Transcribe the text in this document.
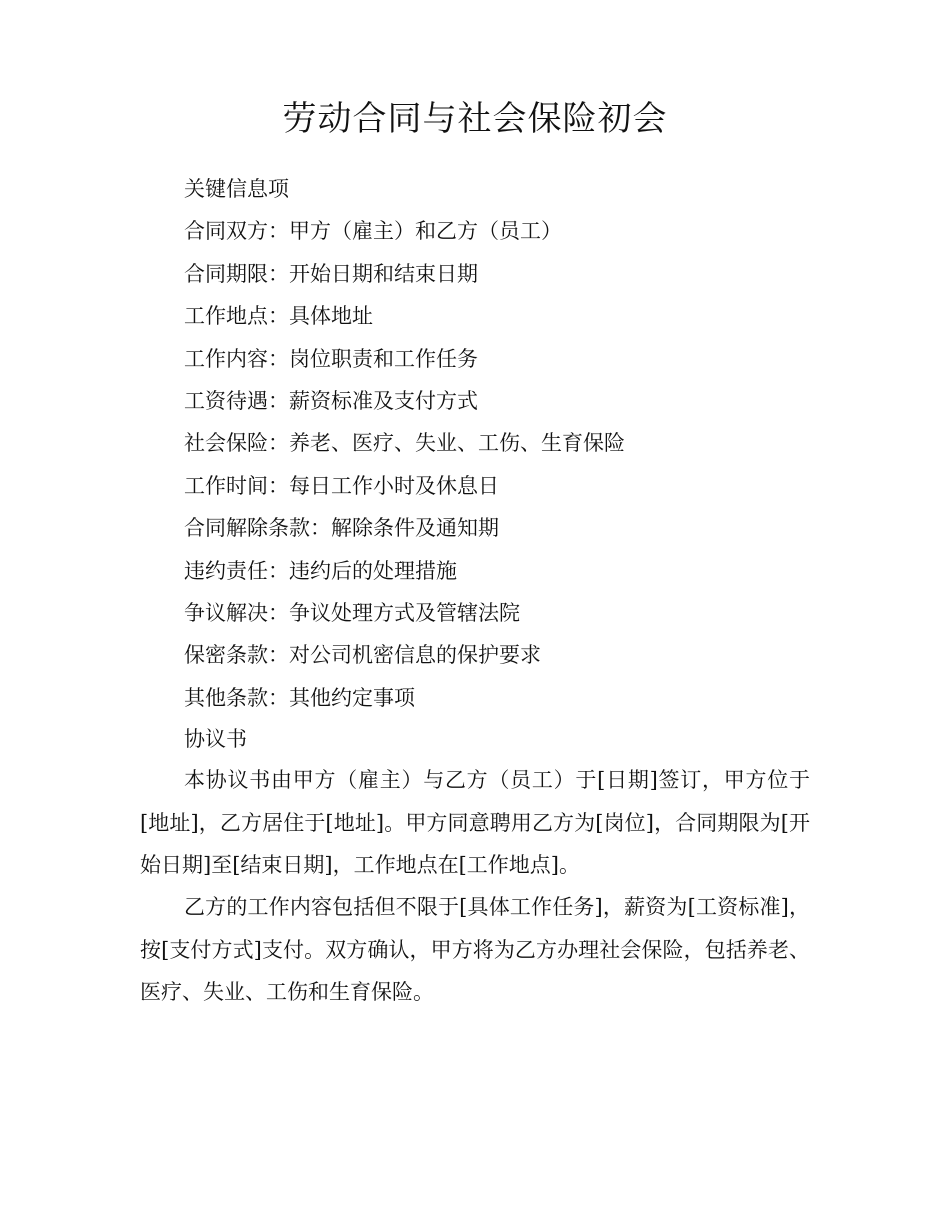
劳动合同与社会保险初会
关键信息项
合同双方：甲方（雇主）和乙方（员工）
合同期限：开始日期和结束日期
工作地点：具体地址
工作内容：岗位职责和工作任务
工资待遇：薪资标准及支付方式
社会保险：养老、医疗、失业、工伤、生育保险
工作时间：每日工作小时及休息日
合同解除条款：解除条件及通知期
违约责任：违约后的处理措施
争议解决：争议处理方式及管辖法院
保密条款：对公司机密信息的保护要求
其他条款：其他约定事项
协议书

本协议书由甲方（雇主）与乙方（员工）于[日期]签订，甲方位于[地址]，乙方居住于[地址]。甲方同意聘用乙方为[岗位]，合同期限为[开始日期]至[结束日期]，工作地点在[工作地点]。

乙方的工作内容包括但不限于[具体工作任务]，薪资为[工资标准]，按[支付方式]支付。双方确认，甲方将为乙方办理社会保险，包括养老、医疗、失业、工伤和生育保险。
